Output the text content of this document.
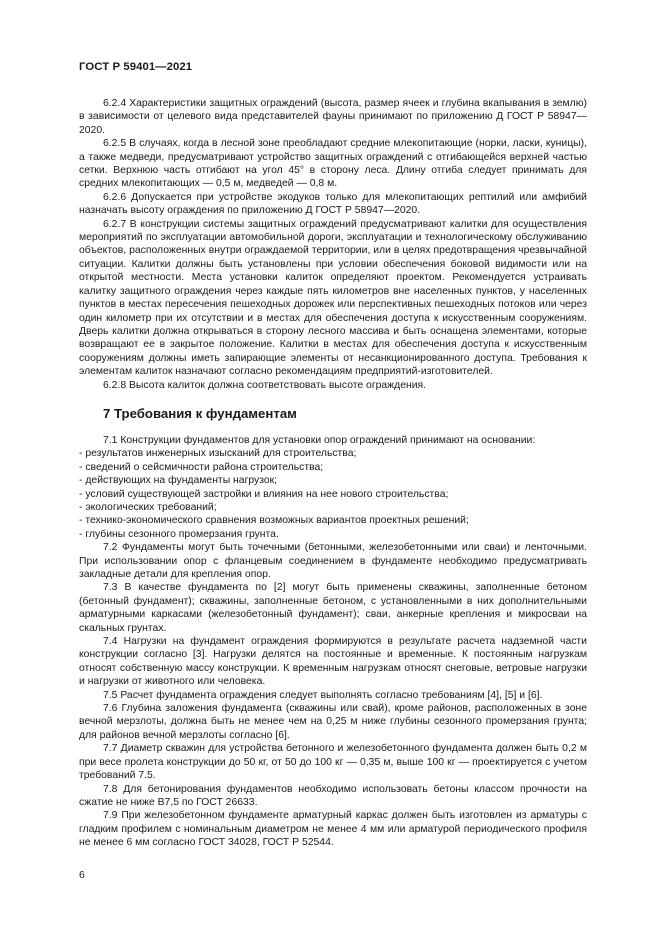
ГОСТ Р 59401—2021

6.2.4 Характеристики защитных ограждений (высота, размер ячеек и глубина вкапывания в землю) в зависимости от целевого вида представителей фауны принимают по приложению Д ГОСТ Р 58947—2020.

6.2.5 В случаях, когда в лесной зоне преобладают средние млекопитающие (норки, ласки, куницы), а также медведи, предусматривают устройство защитных ограждений с отгибающейся верхней частью сетки. Верхнюю часть отгибают на угол 45° в сторону леса. Длину отгиба следует принимать для средних млекопитающих — 0,5 м, медведей — 0,8 м.

6.2.6 Допускается при устройстве экодуков только для млекопитающих рептилий или амфибий назначать высоту ограждения по приложению Д ГОСТ Р 58947—2020.

6.2.7 В конструкции системы защитных ограждений предусматривают калитки для осуществления мероприятий по эксплуатации автомобильной дороги, эксплуатации и технологическому обслуживанию объектов, расположенных внутри ограждаемой территории, или в целях предотвращения чрезвычайной ситуации. Калитки должны быть установлены при условии обеспечения боковой видимости или на открытой местности. Места установки калиток определяют проектом. Рекомендуется устраивать калитку защитного ограждения через каждые пять километров вне населенных пунктов, у населенных пунктов в местах пересечения пешеходных дорожек или перспективных пешеходных потоков или через один километр при их отсутствии и в местах для обеспечения доступа к искусственным сооружениям. Дверь калитки должна открываться в сторону лесного массива и быть оснащена элементами, которые возвращают ее в закрытое положение. Калитки в местах для обеспечения доступа к искусственным сооружениям должны иметь запирающие элементы от несанкционированного доступа. Требования к элементам калиток назначают согласно рекомендациям предприятий-изготовителей.

6.2.8 Высота калиток должна соответствовать высоте ограждения.

7 Требования к фундаментам

7.1 Конструкции фундаментов для установки опор ограждений принимают на основании:

- результатов инженерных изысканий для строительства;

- сведений о сейсмичности района строительства;

- действующих на фундаменты нагрузок;

- условий существующей застройки и влияния на нее нового строительства;

- экологических требований;

- технико-экономического сравнения возможных вариантов проектных решений;

- глубины сезонного промерзания грунта.

7.2 Фундаменты могут быть точечными (бетонными, железобетонными или сваи) и ленточными. При использовании опор с фланцевым соединением в фундаменте необходимо предусматривать закладные детали для крепления опор.

7.3 В качестве фундамента по [2] могут быть применены скважины, заполненные бетоном (бетонный фундамент); скважины, заполненные бетоном, с установленными в них дополнительными арматурными каркасами (железобетонный фундамент); сваи, анкерные крепления и микросваи на скальных грунтах.

7.4 Нагрузки на фундамент ограждения формируются в результате расчета надземной части конструкции согласно [3]. Нагрузки делятся на постоянные и временные. К постоянным нагрузкам относят собственную массу конструкции. К временным нагрузкам относят снеговые, ветровые нагрузки и нагрузки от животного или человека.

7.5 Расчет фундамента ограждения следует выполнять согласно требованиям [4], [5] и [6].

7.6 Глубина заложения фундамента (скважины или свай), кроме районов, расположенных в зоне вечной мерзлоты, должна быть не менее чем на 0,25 м ниже глубины сезонного промерзания грунта; для районов вечной мерзлоты согласно [6].

7.7 Диаметр скважин для устройства бетонного и железобетонного фундамента должен быть 0,2 м при весе пролета конструкции до 50 кг, от 50 до 100 кг — 0,35 м, выше 100 кг — проектируется с учетом требований 7.5.

7.8 Для бетонирования фундаментов необходимо использовать бетоны классом прочности на сжатие не ниже В7,5 по ГОСТ 26633.

7.9 При железобетонном фундаменте арматурный каркас должен быть изготовлен из арматуры с гладким профилем с номинальным диаметром не менее 4 мм или арматурой периодического профиля не менее 6 мм согласно ГОСТ 34028, ГОСТ Р 52544.

6
